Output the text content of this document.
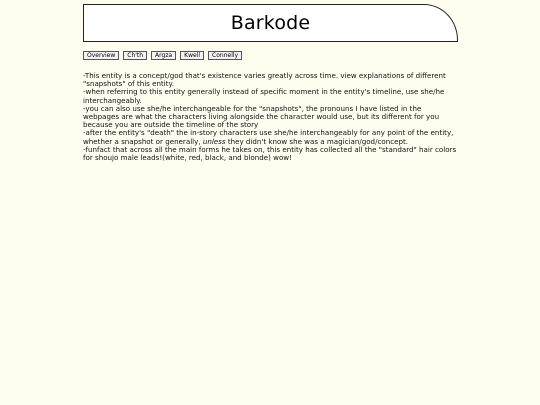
Barkode
Overview	Ch'th	Argza	Kwell	Connelly

-This entity is a concept/god that's existence varies greatly across time. view explanations of different "snapshots" of this entity.

-when referring to this entity generally instead of specific moment in the entity's timeline, use she/he interchangeably.

-you can also use she/he interchangeable for the "snapshots", the pronouns I have listed in the webpages are what the characters living alongside the character would use, but its different for you because you are outside the timeline of the story

-after the entity's "death" the in-story characters use she/he interchangeably for any point of the entity, whether a snapshot or generally, unless they didn't know she was a magician/god/concept.

-funfact that across all the main forms he takes on, this entity has collected all the "standard" hair colors for shoujo male leads!(white, red, black, and blonde) wow!
